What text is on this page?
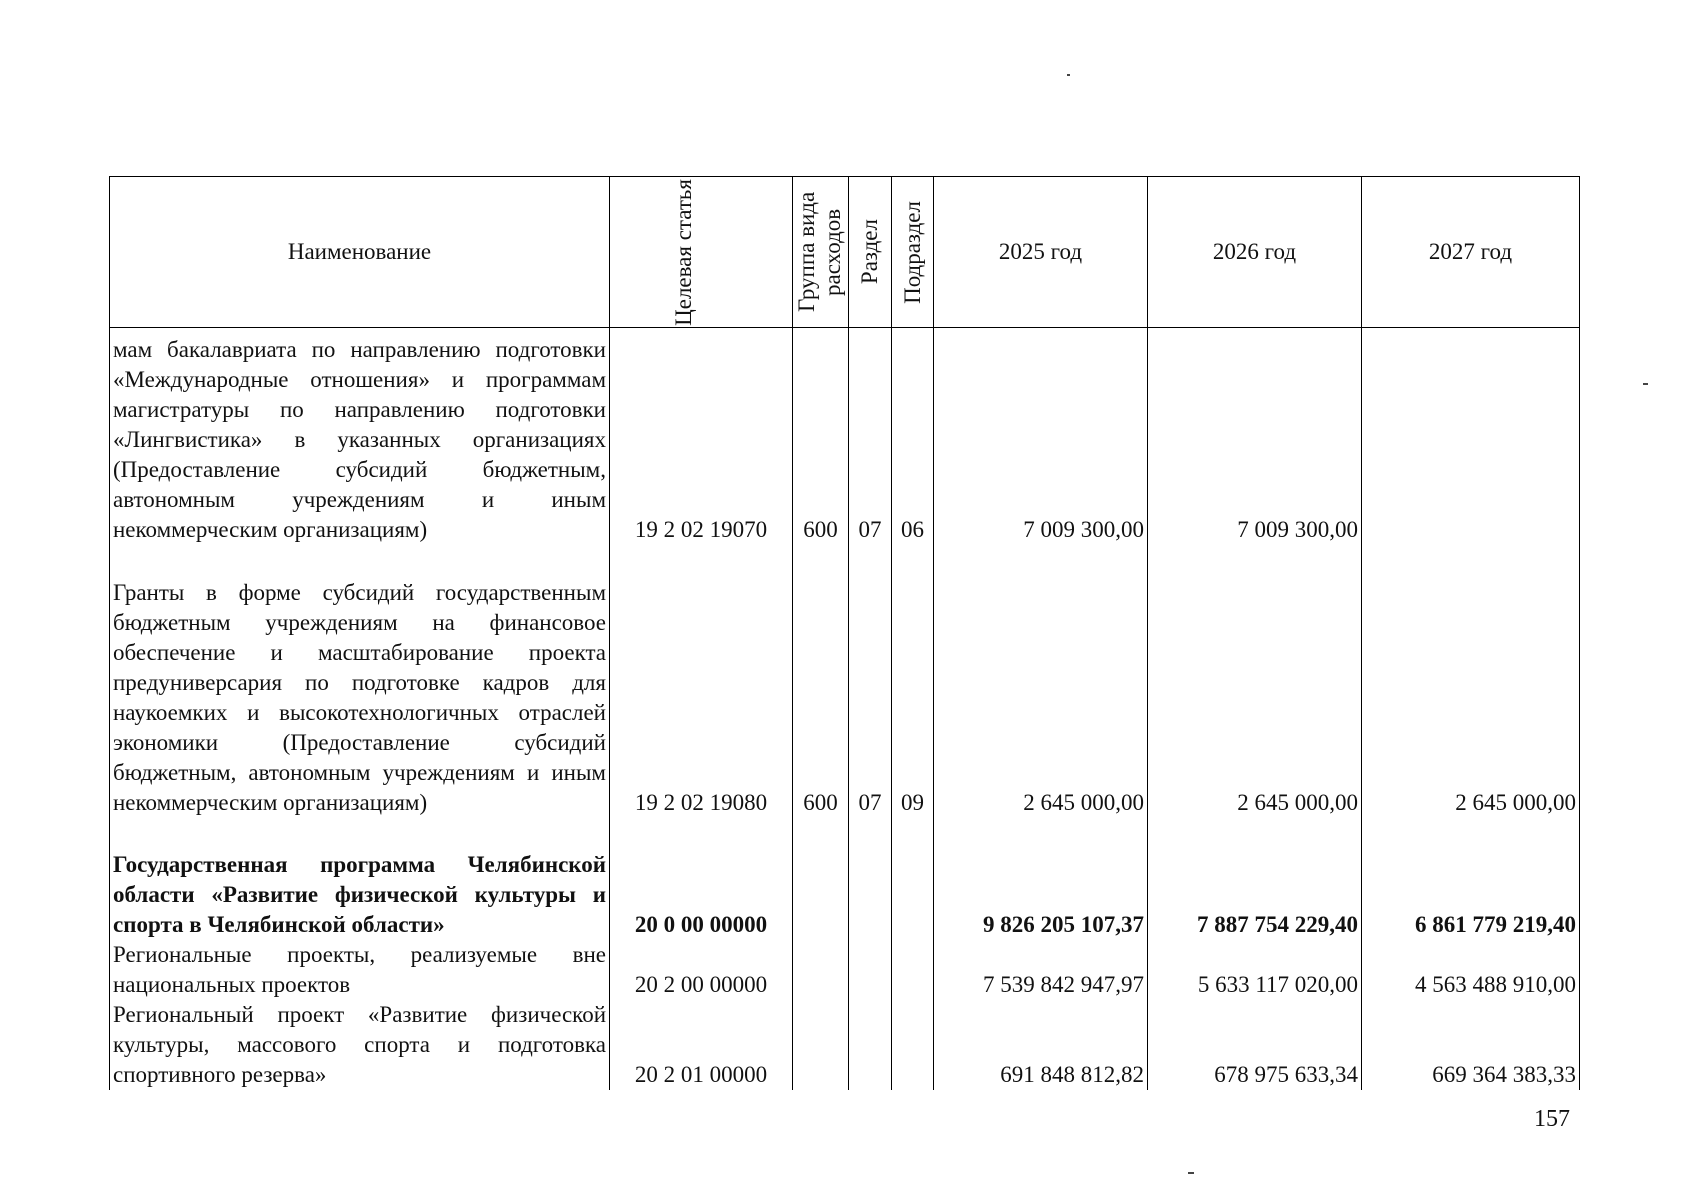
Наименование	Целевая статья	Группа вида расходов	Раздел	Подраздел	2025 год	2026 год	2027 год
мам бакалавриата по направлению подготовки «Международные отношения» и программам магистратуры по направлению подготовки «Лингвистика» в указанных организациях (Предоставление субсидий бюджетным, автономным учреждениям и иным некоммерческим организациям)	19 2 02 19070	600	07	06	7 009 300,00	7 009 300,00	
Гранты в форме субсидий государственным бюджетным учреждениям на финансовое обеспечение и масштабирование проекта предуниверсария по подготовке кадров для наукоемких и высокотехнологичных отраслей экономики (Предоставление субсидий бюджетным, автономным учреждениям и иным некоммерческим организациям)	19 2 02 19080	600	07	09	2 645 000,00	2 645 000,00	2 645 000,00
Государственная программа Челябинской области «Развитие физической культуры и спорта в Челябинской области»	20 0 00 00000				9 826 205 107,37	7 887 754 229,40	6 861 779 219,40
Региональные проекты, реализуемые вне национальных проектов	20 2 00 00000				7 539 842 947,97	5 633 117 020,00	4 563 488 910,00
Региональный проект «Развитие физической культуры, массового спорта и подготовка спортивного резерва»	20 2 01 00000				691 848 812,82	678 975 633,34	669 364 383,33
157
